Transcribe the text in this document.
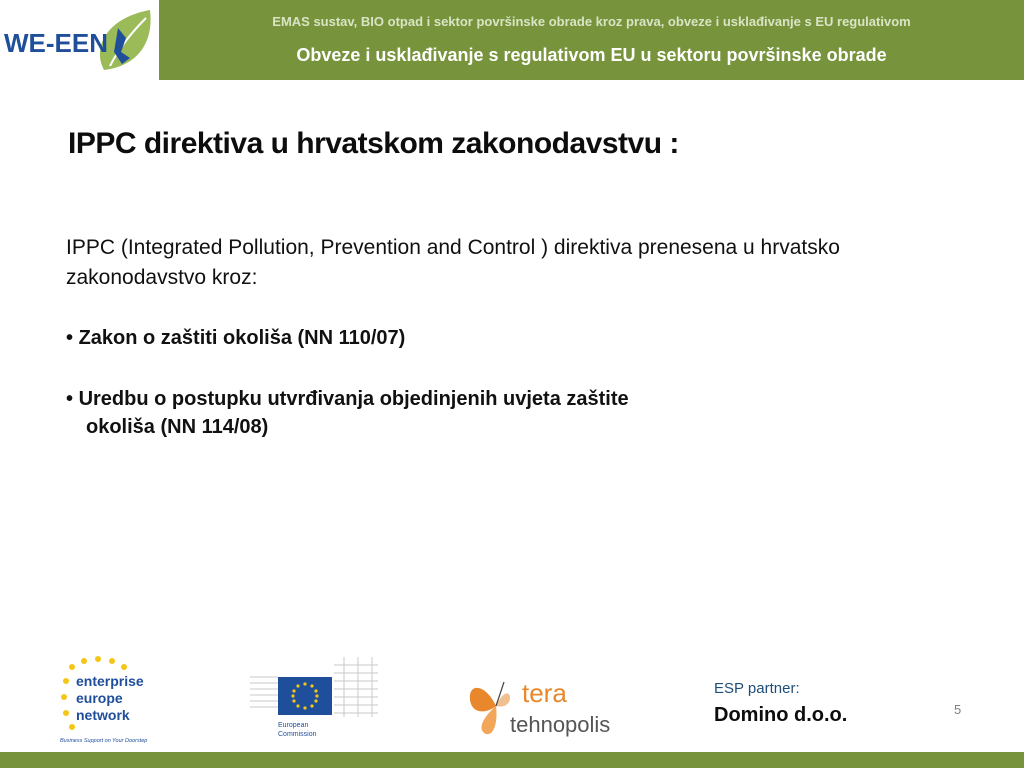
WE-EEN
EMAS sustav, BIO otpad i sektor površinske obrade kroz prava, obveze i usklađivanje s EU regulativom
Obveze i usklađivanje s regulativom EU u sektoru površinske obrade
IPPC direktiva u hrvatskom zakonodavstvu :
IPPC (Integrated Pollution, Prevention and Control ) direktiva prenesena u hrvatsko zakonodavstvo kroz:
• Zakon o zaštiti okoliša (NN 110/07)
• Uredbu o postupku utvrđivanja objedinjenih uvjeta zaštite
okoliša (NN 114/08)
enterprise
europe
network
Business Support on Your Doorstep
European
Commission
tera
tehnopolis
ESP partner:
Domino d.o.o.	5
